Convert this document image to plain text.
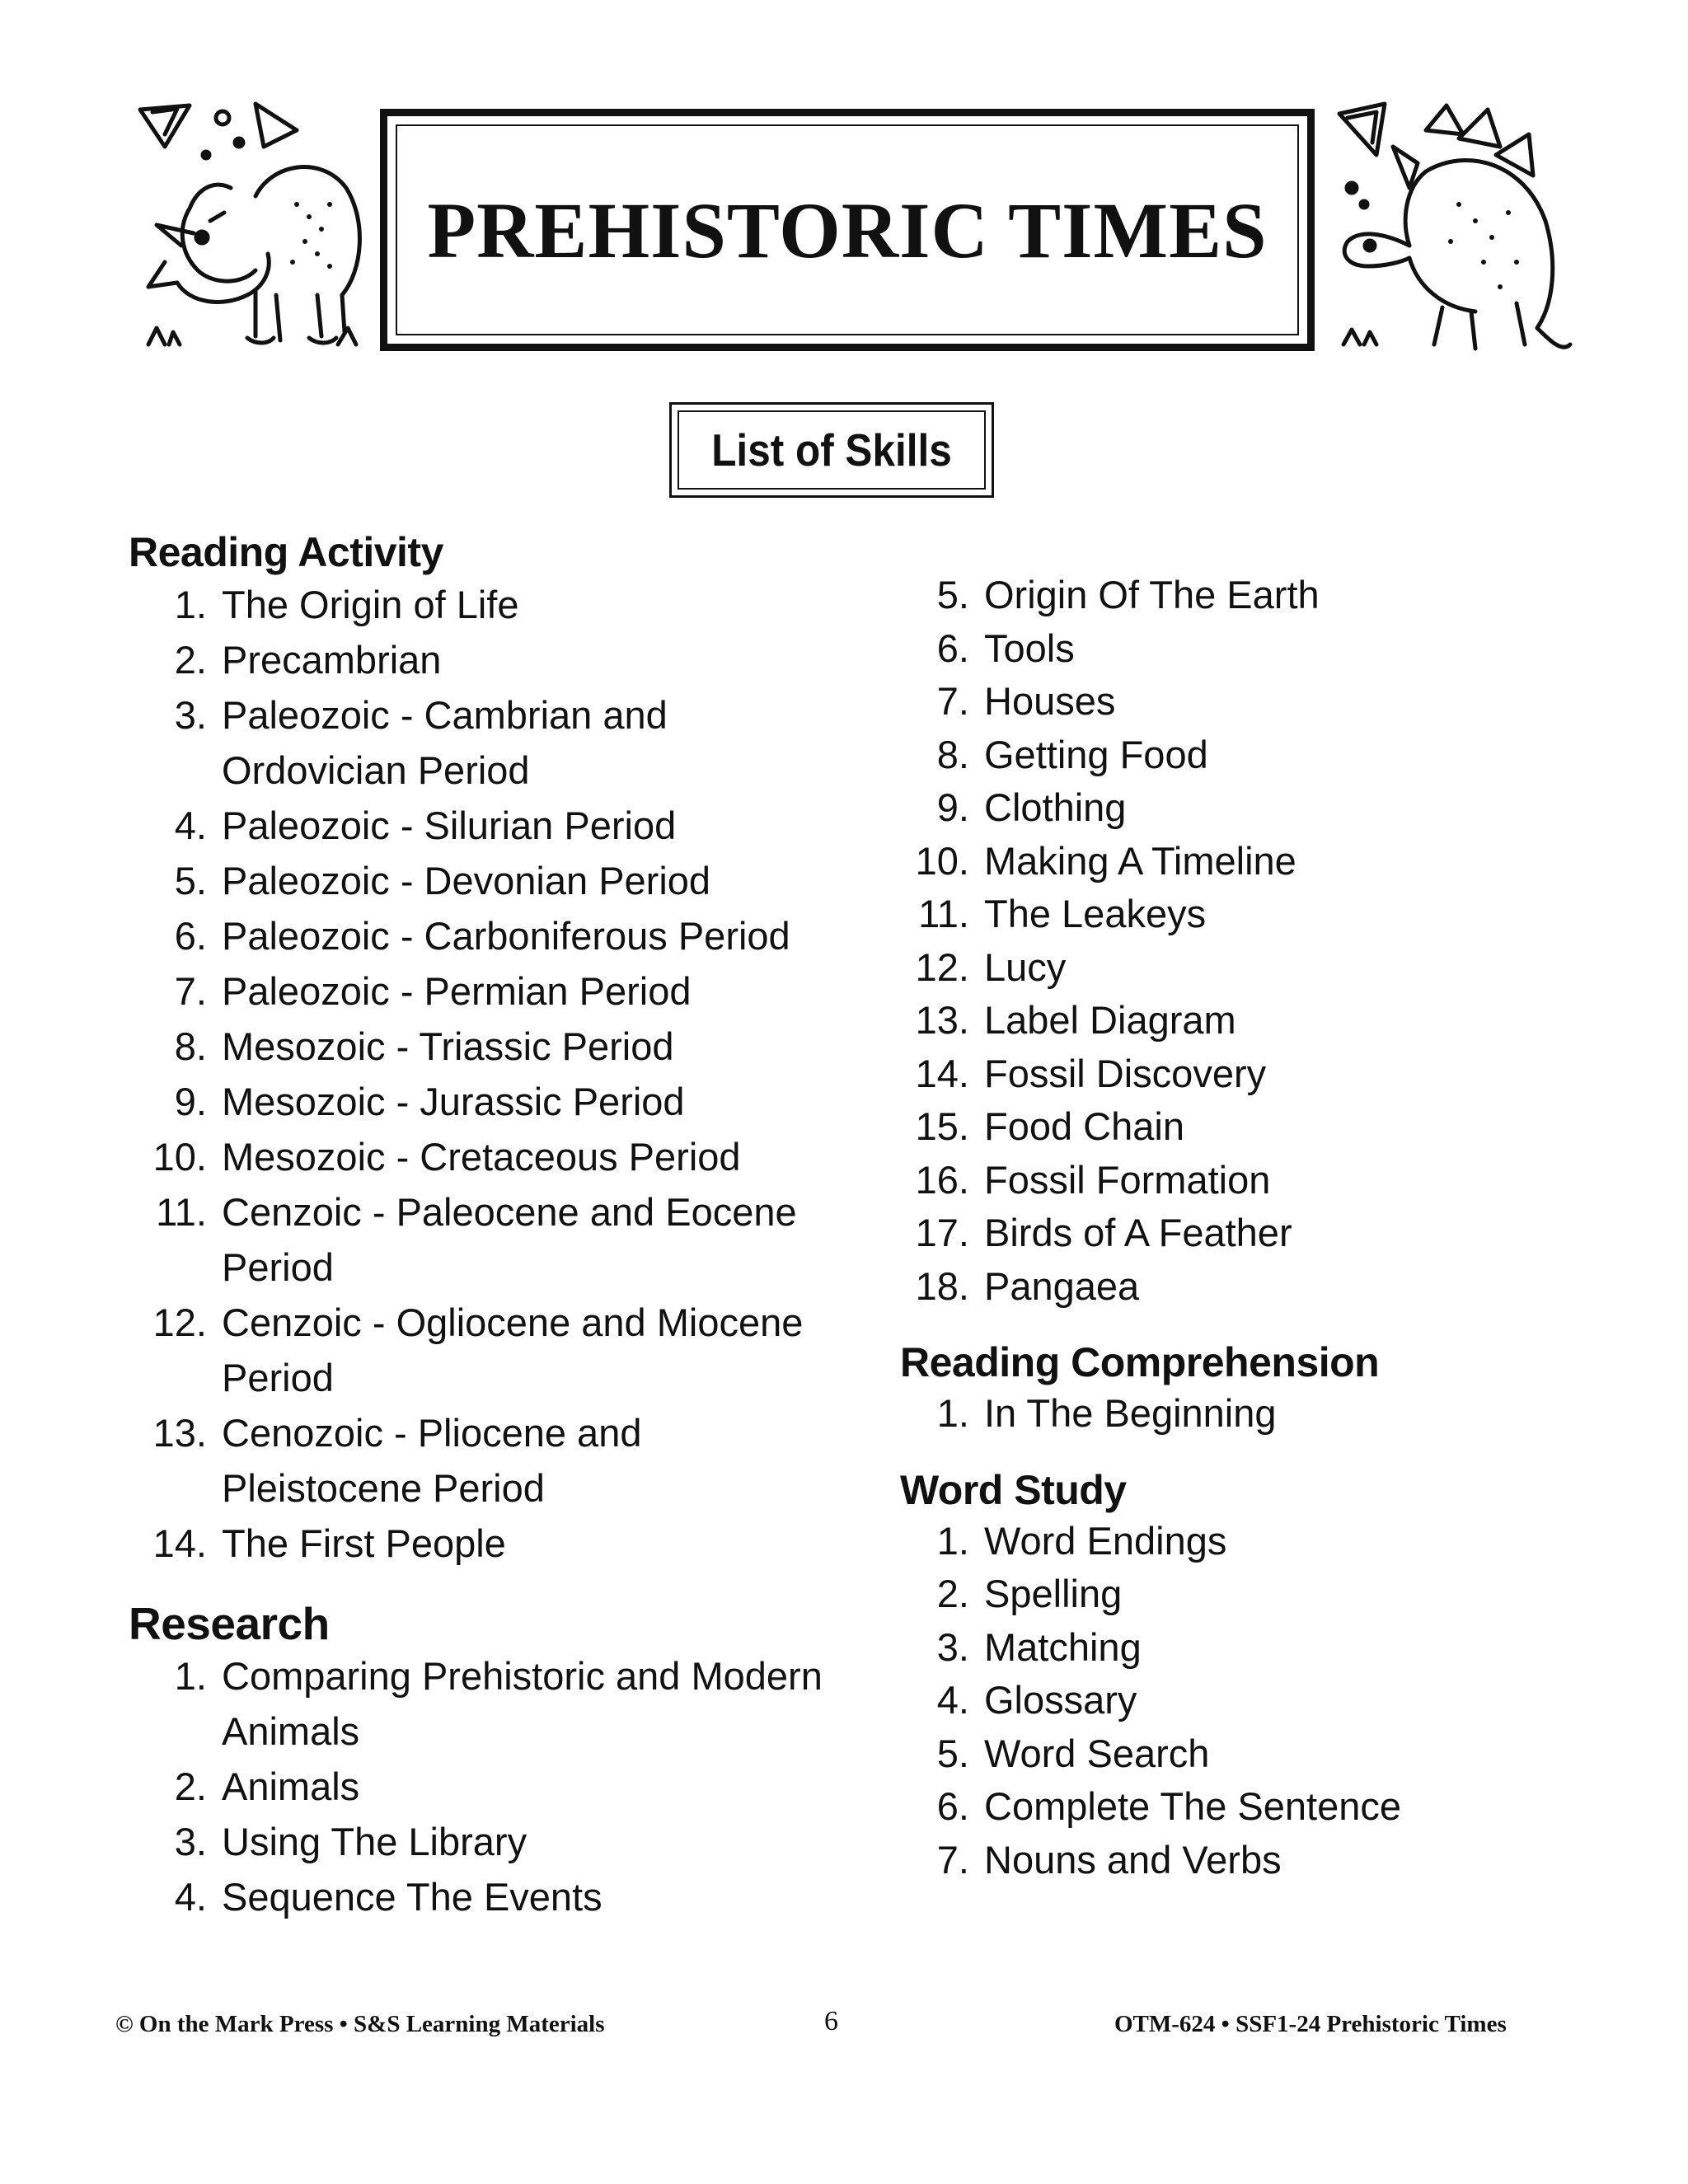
PREHISTORIC TIMES
List of Skills
Reading Activity
1. The Origin of Life
2. Precambrian
3. Paleozoic - Cambrian and Ordovician Period
4. Paleozoic - Silurian Period
5. Paleozoic - Devonian Period
6. Paleozoic - Carboniferous Period
7. Paleozoic - Permian Period
8. Mesozoic - Triassic Period
9. Mesozoic - Jurassic Period
10. Mesozoic - Cretaceous Period
11. Cenzoic - Paleocene and Eocene Period
12. Cenzoic - Ogliocene and Miocene Period
13. Cenozoic - Pliocene and Pleistocene Period
14. The First People
Research
1. Comparing Prehistoric and Modern Animals
2. Animals
3. Using The Library
4. Sequence The Events
5. Origin Of The Earth
6. Tools
7. Houses
8. Getting Food
9. Clothing
10. Making A Timeline
11. The Leakeys
12. Lucy
13. Label Diagram
14. Fossil Discovery
15. Food Chain
16. Fossil Formation
17. Birds of A Feather
18. Pangaea
Reading Comprehension
1. In The Beginning
Word Study
1. Word Endings
2. Spelling
3. Matching
4. Glossary
5. Word Search
6. Complete The Sentence
7. Nouns and Verbs
© On the Mark Press • S&S Learning Materials	6	OTM-624 • SSF1-24 Prehistoric Times
